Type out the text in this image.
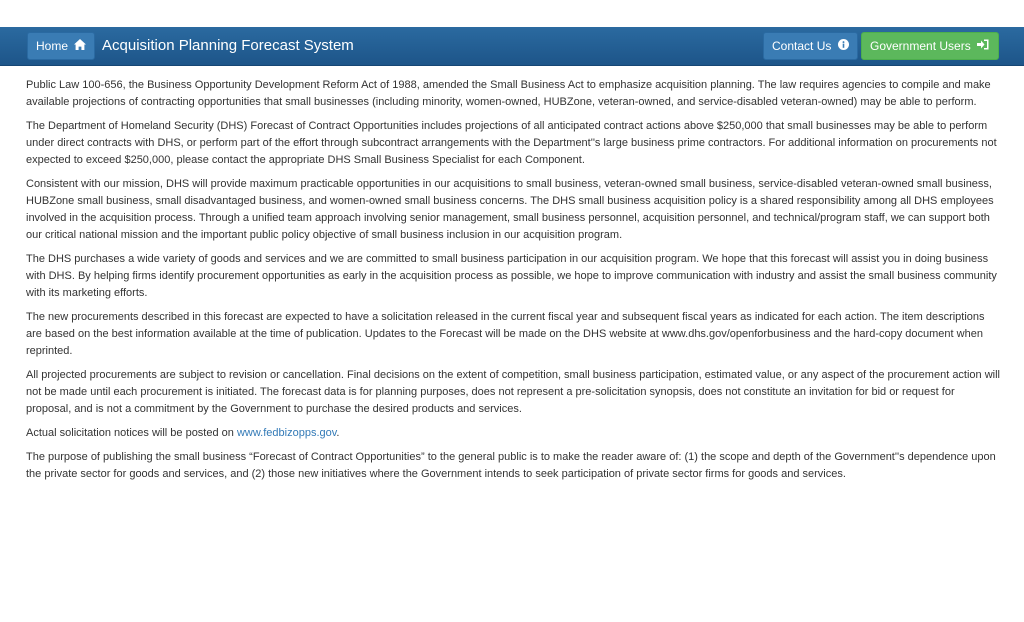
Home	Acquisition Planning Forecast System	Contact Us	Government Users

Public Law 100-656, the Business Opportunity Development Reform Act of 1988, amended the Small Business Act to emphasize acquisition planning. The law requires agencies to compile and make available projections of contracting opportunities that small businesses (including minority, women-owned, HUBZone, veteran-owned, and service-disabled veteran-owned) may be able to perform.

The Department of Homeland Security (DHS) Forecast of Contract Opportunities includes projections of all anticipated contract actions above $250,000 that small businesses may be able to perform under direct contracts with DHS, or perform part of the effort through subcontract arrangements with the Department''s large business prime contractors. For additional information on procurements not expected to exceed $250,000, please contact the appropriate DHS Small Business Specialist for each Component.

Consistent with our mission, DHS will provide maximum practicable opportunities in our acquisitions to small business, veteran-owned small business, service-disabled veteran-owned small business, HUBZone small business, small disadvantaged business, and women-owned small business concerns. The DHS small business acquisition policy is a shared responsibility among all DHS employees involved in the acquisition process. Through a unified team approach involving senior management, small business personnel, acquisition personnel, and technical/program staff, we can support both our critical national mission and the important public policy objective of small business inclusion in our acquisition program.

The DHS purchases a wide variety of goods and services and we are committed to small business participation in our acquisition program. We hope that this forecast will assist you in doing business with DHS. By helping firms identify procurement opportunities as early in the acquisition process as possible, we hope to improve communication with industry and assist the small business community with its marketing efforts.

The new procurements described in this forecast are expected to have a solicitation released in the current fiscal year and subsequent fiscal years as indicated for each action. The item descriptions are based on the best information available at the time of publication. Updates to the Forecast will be made on the DHS website at www.dhs.gov/openforbusiness and the hard-copy document when reprinted.

All projected procurements are subject to revision or cancellation. Final decisions on the extent of competition, small business participation, estimated value, or any aspect of the procurement action will not be made until each procurement is initiated. The forecast data is for planning purposes, does not represent a pre-solicitation synopsis, does not constitute an invitation for bid or request for proposal, and is not a commitment by the Government to purchase the desired products and services.

Actual solicitation notices will be posted on www.fedbizopps.gov.

The purpose of publishing the small business “Forecast of Contract Opportunities” to the general public is to make the reader aware of: (1) the scope and depth of the Government''s dependence upon the private sector for goods and services, and (2) those new initiatives where the Government intends to seek participation of private sector firms for goods and services.
